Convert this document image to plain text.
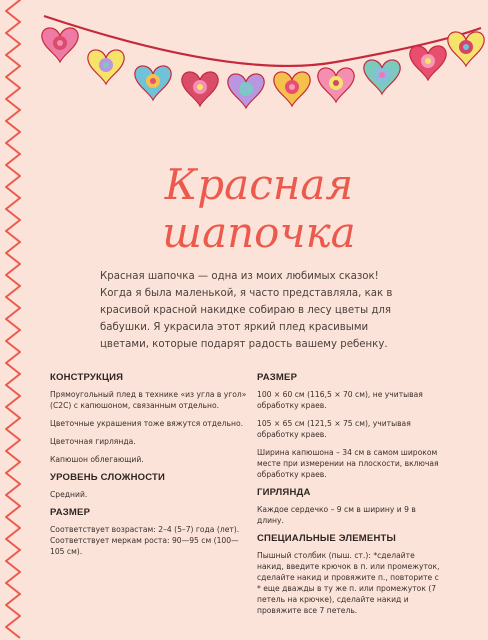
Красная
шапочка

Красная шапочка — одна из моих любимых сказок! Когда я была маленькой, я часто представляла, как в красивой красной накидке собираю в лесу цветы для бабушки. Я украсила этот яркий плед красивыми цветами, которые подарят радость вашему ребенку.

КОНСТРУКЦИЯ

Прямоугольный плед в технике «из угла в угол» (C2C) с капюшоном, связанным отдельно.

Цветочные украшения тоже вяжутся отдельно.

Цветочная гирлянда.

Капюшон облегающий.

УРОВЕНЬ СЛОЖНОСТИ

Средний.

РАЗМЕР

Соответствует возрастам: 2–4 (5–7) года (лет). Соответствует меркам роста: 90—95 см (100—105 см).

РАЗМЕР

100 × 60 см (116,5 × 70 см), не учитывая обработку краев.

105 × 65 см (121,5 × 75 см), учитывая обработку краев.

Ширина капюшона – 34 см в самом широком месте при измерении на плоскости, включая обработку краев.

ГИРЛЯНДА

Каждое сердечко – 9 см в ширину и 9 в длину.

СПЕЦИАЛЬНЫЕ ЭЛЕМЕНТЫ

Пышный столбик (пыш. ст.): *сделайте накид, введите крючок в п. или промежуток, сделайте накид и провяжите п., повторите с * еще дважды в ту же п. или промежуток (7 петель на крючке), сделайте накид и провяжите все 7 петель.
